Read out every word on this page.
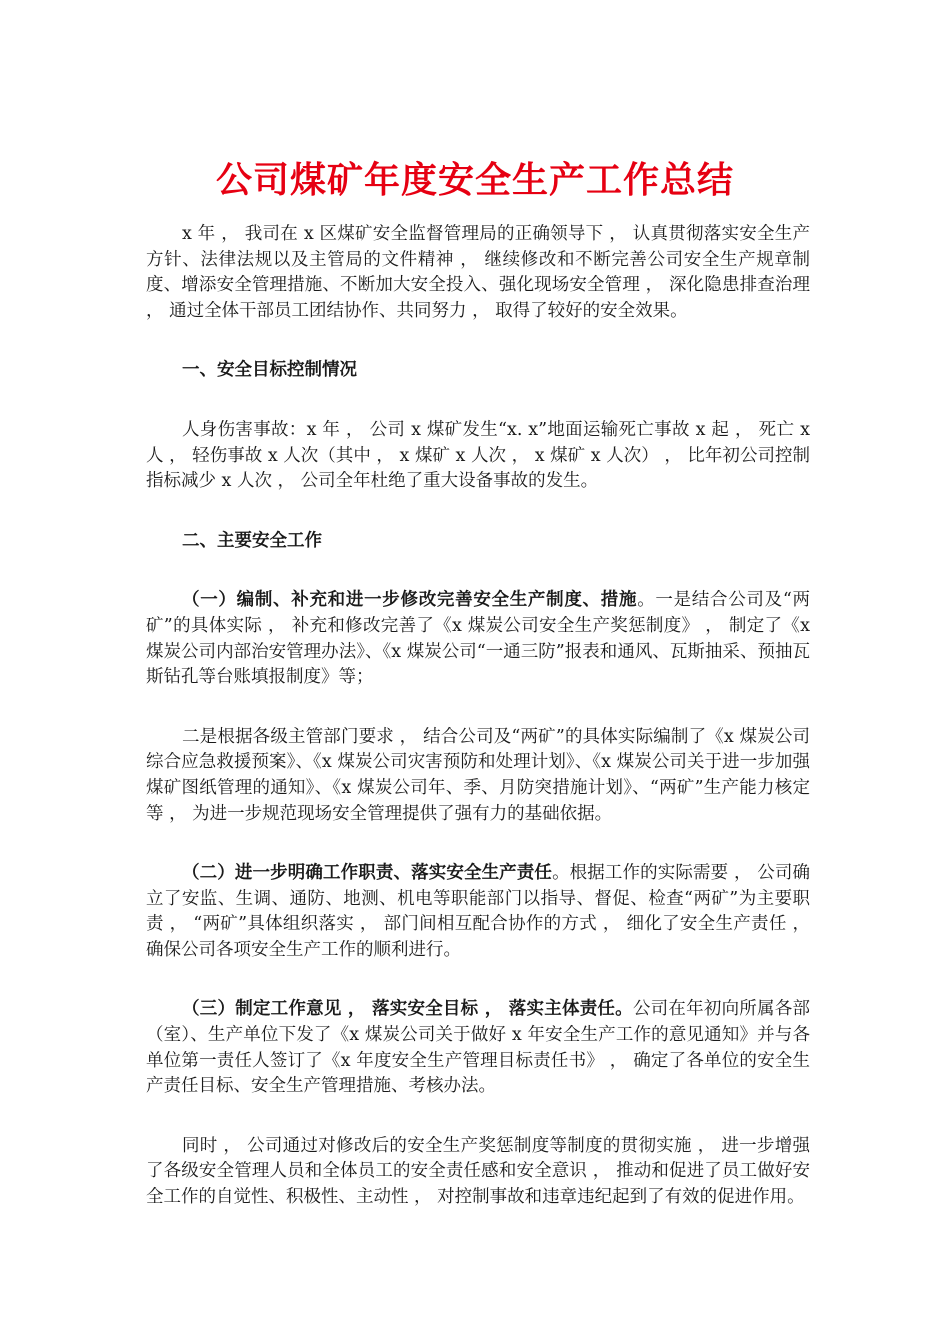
公司煤矿年度安全生产工作总结

x 年 ， 我司在 x 区煤矿安全监督管理局的正确领导下 ， 认真贯彻落实安全生产方针、法律法规以及主管局的文件精神 ， 继续修改和不断完善公司安全生产规章制度、增添安全管理措施、不断加大安全投入、强化现场安全管理 ， 深化隐患排查治理 ， 通过全体干部员工团结协作、共同努力 ， 取得了较好的安全效果。

一、安全目标控制情况

人身伤害事故：x 年 ， 公司 x 煤矿发生“x. x”地面运输死亡事故 x 起 ， 死亡 x 人 ， 轻伤事故 x 人次（其中 ， x 煤矿 x 人次 ， x 煤矿 x 人次） ， 比年初公司控制指标减少 x 人次 ， 公司全年杜绝了重大设备事故的发生。

二、主要安全工作

（一）编制、补充和进一步修改完善安全生产制度、措施。一是结合公司及“两矿”的具体实际 ， 补充和修改完善了《x 煤炭公司安全生产奖惩制度》 ， 制定了《x 煤炭公司内部治安管理办法》、《x 煤炭公司“一通三防”报表和通风、瓦斯抽采、预抽瓦斯钻孔等台账填报制度》等；

二是根据各级主管部门要求 ， 结合公司及“两矿”的具体实际编制了《x 煤炭公司综合应急救援预案》、《x 煤炭公司灾害预防和处理计划》、《x 煤炭公司关于进一步加强煤矿图纸管理的通知》、《x 煤炭公司年、季、月防突措施计划》、“两矿”生产能力核定等 ， 为进一步规范现场安全管理提供了强有力的基础依据。

（二）进一步明确工作职责、落实安全生产责任。根据工作的实际需要 ， 公司确立了安监、生调、通防、地测、机电等职能部门以指导、督促、检查“两矿”为主要职责 ， “两矿”具体组织落实 ， 部门间相互配合协作的方式 ， 细化了安全生产责任 ， 确保公司各项安全生产工作的顺利进行。

（三）制定工作意见 ， 落实安全目标 ， 落实主体责任。公司在年初向所属各部（室）、生产单位下发了《x 煤炭公司关于做好 x 年安全生产工作的意见通知》并与各单位第一责任人签订了《x 年度安全生产管理目标责任书》 ， 确定了各单位的安全生产责任目标、安全生产管理措施、考核办法。

同时 ， 公司通过对修改后的安全生产奖惩制度等制度的贯彻实施 ， 进一步增强了各级安全管理人员和全体员工的安全责任感和安全意识 ， 推动和促进了员工做好安全工作的自觉性、积极性、主动性 ， 对控制事故和违章违纪起到了有效的促进作用。
